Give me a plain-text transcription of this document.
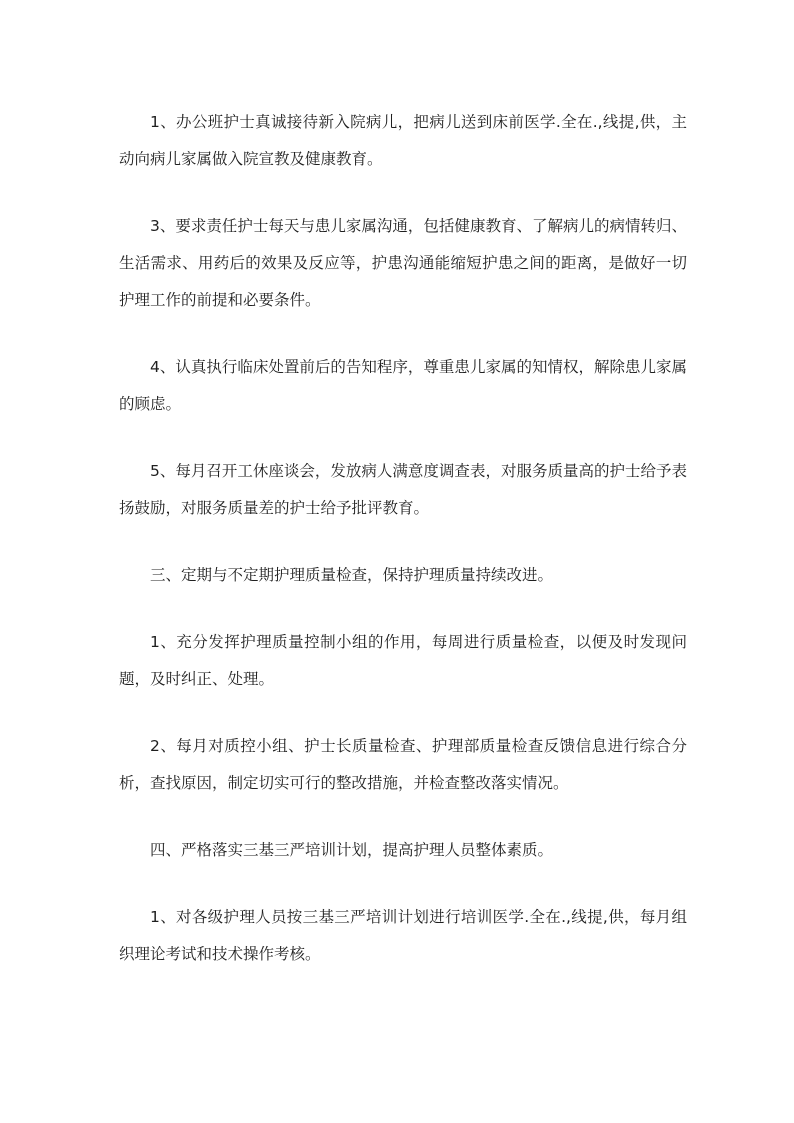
1、办公班护士真诚接待新入院病儿，把病儿送到床前医学.全在.,线提,供，主动向病儿家属做入院宣教及健康教育。

3、要求责任护士每天与患儿家属沟通，包括健康教育、了解病儿的病情转归、生活需求、用药后的效果及反应等，护患沟通能缩短护患之间的距离，是做好一切护理工作的前提和必要条件。

4、认真执行临床处置前后的告知程序，尊重患儿家属的知情权，解除患儿家属的顾虑。

5、每月召开工休座谈会，发放病人满意度调查表，对服务质量高的护士给予表扬鼓励，对服务质量差的护士给予批评教育。

三、定期与不定期护理质量检查，保持护理质量持续改进。

1、充分发挥护理质量控制小组的作用，每周进行质量检查，以便及时发现问题，及时纠正、处理。

2、每月对质控小组、护士长质量检查、护理部质量检查反馈信息进行综合分析，查找原因，制定切实可行的整改措施，并检查整改落实情况。

四、严格落实三基三严培训计划，提高护理人员整体素质。

1、对各级护理人员按三基三严培训计划进行培训医学.全在.,线提,供，每月组织理论考试和技术操作考核。
